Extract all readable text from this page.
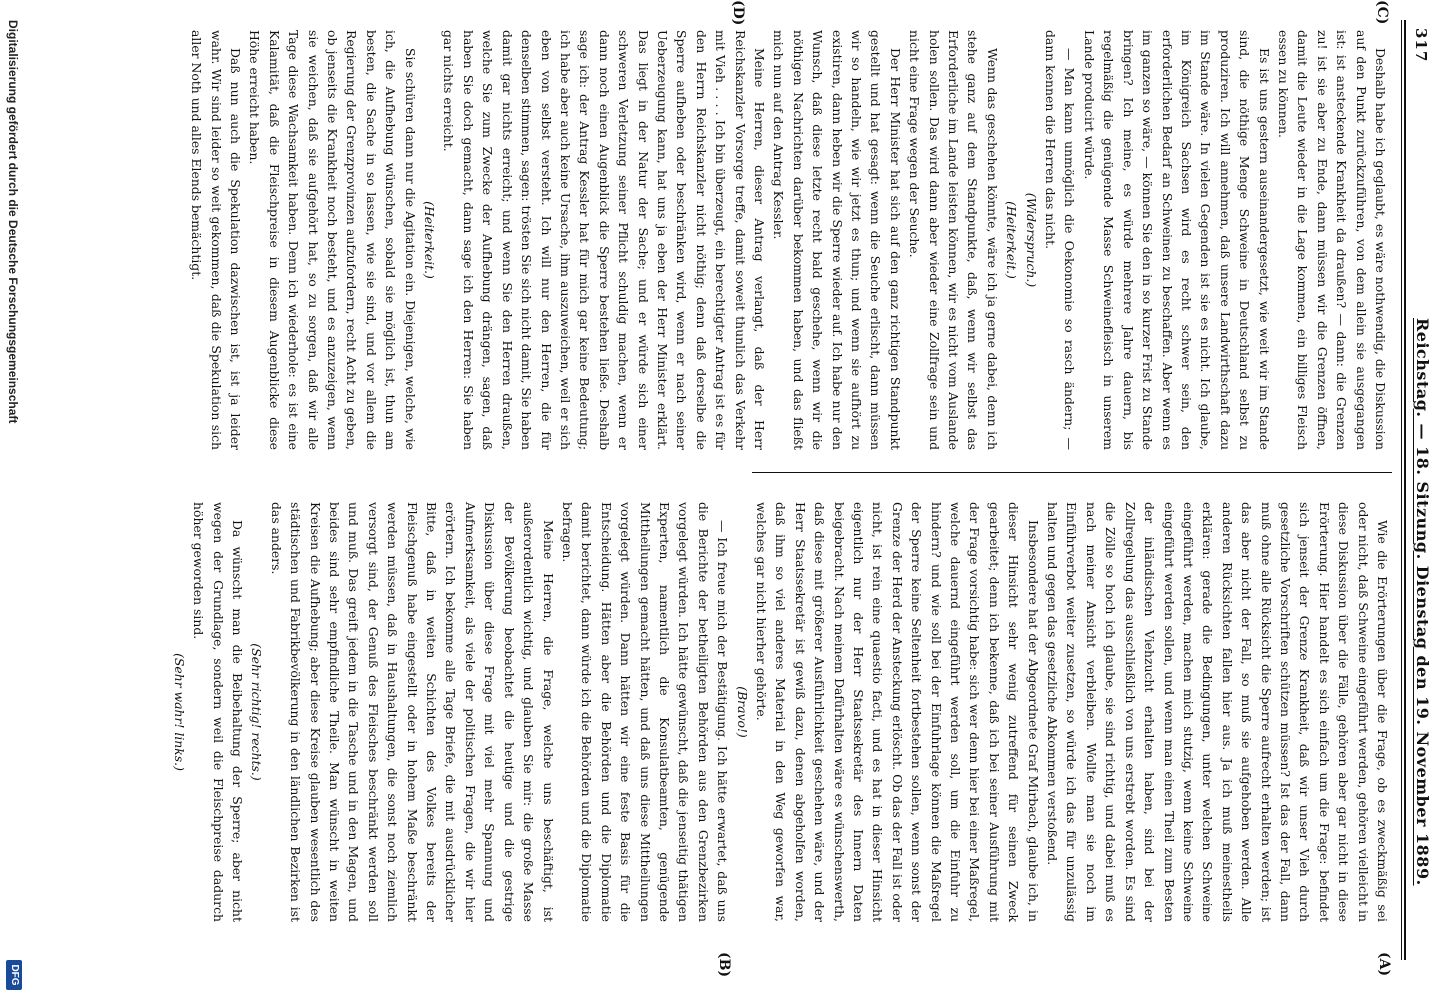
317
Reichstag. — 18. Sitzung. Dienstag den 19. November 1889.
(C)
(D)
(A)
(B)

Deshalb habe ich geglaubt, es wäre nothwendig, die Diskussion auf den Punkt zurückzuführen, von dem allein sie ausgegangen ist: ist ansteckende Krankheit da draußen? — dann: die Grenzen zu! ist sie aber zu Ende, dann müssen wir die Grenzen öffnen, damit die Leute wieder in die Lage kommen, ein billiges Fleisch essen zu können.

Es ist uns gestern auseinandergesetzt, wie weit wir im Stande sind, die nöthige Menge Schweine in Deutschland selbst zu produziren. Ich will annehmen, daß unsere Landwirthschaft dazu im Stande wäre. In vielen Gegenden ist sie es nicht. Ich glaube, im Königreich Sachsen wird es recht schwer sein, den erforderlichen Bedarf an Schweinen zu beschaffen. Aber wenn es im ganzen so wäre, — können Sie den in so kurzer Frist zu Stande bringen? Ich meine, es würde mehrere Jahre dauern, bis regelmäßig die genügende Masse Schweinefleisch in unserem Lande producirt würde.

— Man kann unmöglich die Oekonomie so rasch ändern; — dann kennen die Herren das nicht.

(Widerspruch.)

(Heiterkeit.)

Wenn das geschehen könnte, wäre ich ja gerne dabei, denn ich stehe ganz auf dem Standpunkte, daß, wenn wir selbst das Erforderliche im Lande leisten können, wir es nicht vom Auslande holen sollen. Das wird dann aber wieder eine Zollfrage sein und nicht eine Frage wegen der Seuche.

Der Herr Minister hat sich auf den ganz richtigen Standpunkt gestellt und hat gesagt: wenn die Seuche erlischt, dann müssen wir so handeln, wie wir jetzt es thun; und wenn sie aufhört zu existiren, dann heben wir die Sperre wieder auf. Ich habe nur den Wunsch, daß diese letzte recht bald geschehe, wenn wir die nöthigen Nachrichten darüber bekommen haben, und das fließt mich nun auf den Antrag Kessler.

Meine Herren, dieser Antrag verlangt, daß der Herr Reichskanzler Vorsorge treffe, damit soweit thunlich das Verkehr mit Vieh . . . . Ich bin überzeugt, ein berechtigter Antrag ist es für den Herrn Reichskanzler nicht nöthig; denn daß derselbe die Sperre aufheben oder beschränken wird, wenn er nach seiner Ueberzeugung kann, hat uns ja eben der Herr Minister erklärt. Das liegt in der Natur der Sache; und er würde sich einer schweren Verletzung seiner Pflicht schuldig machen, wenn er dann noch einen Augenblick die Sperre bestehen ließe. Deshalb sage ich: der Antrag Kessler hat für mich gar keine Bedeutung; ich habe aber auch keine Ursache, ihm auszuweichen, weil er sich eben von selbst versteht. Ich will nur den Herren, die für denselben stimmen, sagen: trösten Sie sich nicht damit, Sie haben damit gar nichts erreicht; und wenn Sie den Herren draußen, welche Sie zum Zwecke der Aufhebung drängen, sagen, daß haben Sie doch gemacht, dann sage ich den Herren: Sie haben gar nichts erreicht.

(Heiterkeit.)

Sie schüren dann nur die Agitation ein. Diejenigen, welche, wie ich, die Aufhebung wünschen, sobald sie möglich ist, thun am besten, die Sache in so lassen, wie sie sind, und vor allem die Regierung der Grenzprovinzen aufzufordern, recht Acht zu geben, ob jenseits die Krankheit noch besteht, und es anzuzeigen, wenn sie weichen, daß sie aufgehört hat, so zu sorgen, daß wir alle Tage diese Wachsamkeit haben. Denn ich wiederhole: es ist eine Kalamität, daß die Fleischpreise in diesem Augenblicke diese Höhe erreicht haben.

Daß nun auch die Spekulation dazwischen ist, ist ja leider wahr. Wir sind leider so weit gekommen, daß die Spekulation sich aller Noth und alles Elends bemächtigt.

Wie die Erörterungen über die Frage, ob es zweckmäßig sei oder nicht, daß Schweine eingeführt werden, gehören vielleicht in diese Diskussion über die Fälle, gehören aber gar nicht in diese Erörterung. Hier handelt es sich einfach um die Frage: befindet sich jenseit der Grenze Krankheit, daß wir unser Vieh durch gesetzliche Vorschriften schützen müssen? Ist das der Fall, dann muß ohne alle Rücksicht die Sperre aufrecht erhalten werden; ist das aber nicht der Fall, so muß sie aufgehoben werden. Alle anderen Rücksichten fallen hier aus. Ja ich muß meinestheils erklären: gerade die Bedingungen, unter welchen Schweine eingeführt werden, machen mich stutzig, wenn keine Schweine eingeführt werden sollen, und wenn man einen Theil zum Besten der inländischen Viehzucht erhalten haben, sind bei der Zollregelung das ausschließlich von uns erstrebt worden. Es sind die Zölle so hoch ich glaube, sie sind richtig, und dabei muß es nach meiner Ansicht verbleiben. Wollte man sie noch im Einführverbot weiter zusetzen, so würde ich das für unzulässig halten und gegen das gesetzliche Abkommen verstoßend.

Insbesondere hat der Abgeordnete Graf Mirbach, glaube ich, in dieser Hinsicht sehr wenig zutreffend für seinen Zweck gearbeitet; denn ich bekenne, daß ich bei seiner Ausführung mit der Frage vorsichtig habe: sich wer denn hier bei einer Maßregel, welche dauernd eingeführt werden soll, um die Einfuhr zu hindern? und wie soll bei der Einfuhrlage können die Maßregel der Sperre keine Seltenheit fortbestehen sollen, wenn sonst der Grenze der Herd der Ansteckung erlöscht. Ob das der Fall ist oder nicht, ist rein eine quaestio facti, und es hat in dieser Hinsicht eigentlich nur der Herr Staatssekretär des Innern Daten beigebracht. Nach meinem Dafürhalten wäre es wünschenswerth, daß diese mit größerer Ausführlichkeit geschehen wäre, und der Herr Staatssekretär ist gewiß dazu, denen abgeholfen worden, daß ihm so viel anderes Material in den Weg geworfen war, welches gar nicht hierher gehörte.

(Bravo!)

— Ich freue mich der Bestätigung. Ich hätte erwartet, daß uns die Berichte der betheiligten Behörden aus den Grenzbezirken vorgelegt würden. Ich hätte gewünscht, daß die jenseitig thätigen Experten, namentlich die Konsulatbeamten, genügende Mittheilungen gemacht hätten, und daß uns diese Mittheilungen vorgelegt würden. Dann hätten wir eine feste Basis für die Entscheidung. Hätten aber die Behörden und die Diplomatie damit berichtet, dann würde ich die Behörden und die Diplomatie befragen.

Meine Herren, die Frage, welche uns beschäftigt, ist außerordentlich wichtig, und glauben Sie mir: die große Masse der Bevölkerung beobachtet die heutige und die gestrige Diskussion über diese Frage mit viel mehr Spannung und Aufmerksamkeit, als viele der politischen Fragen, die wir hier erörtern. Ich bekomme alle Tage Briefe, die mit ausdrücklicher Bitte, daß in weiten Schichten des Volkes bereits der Fleischgenuß habe eingestellt oder in hohem Maße beschränkt werden müssen, daß in Haushaltungen, die sonst noch ziemlich versorgt sind, der Genuß des Fleisches beschränkt werden soll und muß. Das greift jedem in die Tasche und in den Magen, und beides sind sehr empfindliche Theile. Man wünscht in weiten Kreisen die Aufhebung; aber diese Kreise glauben wesentlich des städtischen und Fabrikbevölkerung in den ländlichen Bezirken ist das anders.

(Sehr richtig! rechts.)

Da wünscht man die Beibehaltung der Sperre; aber nicht wegen der Grundlage, sondern weil die Fleischpreise dadurch höher geworden sind.

(Sehr wahr! links.)

Digitalisierung gefördert durch die Deutsche Forschungsgemeinschaft
DFG
